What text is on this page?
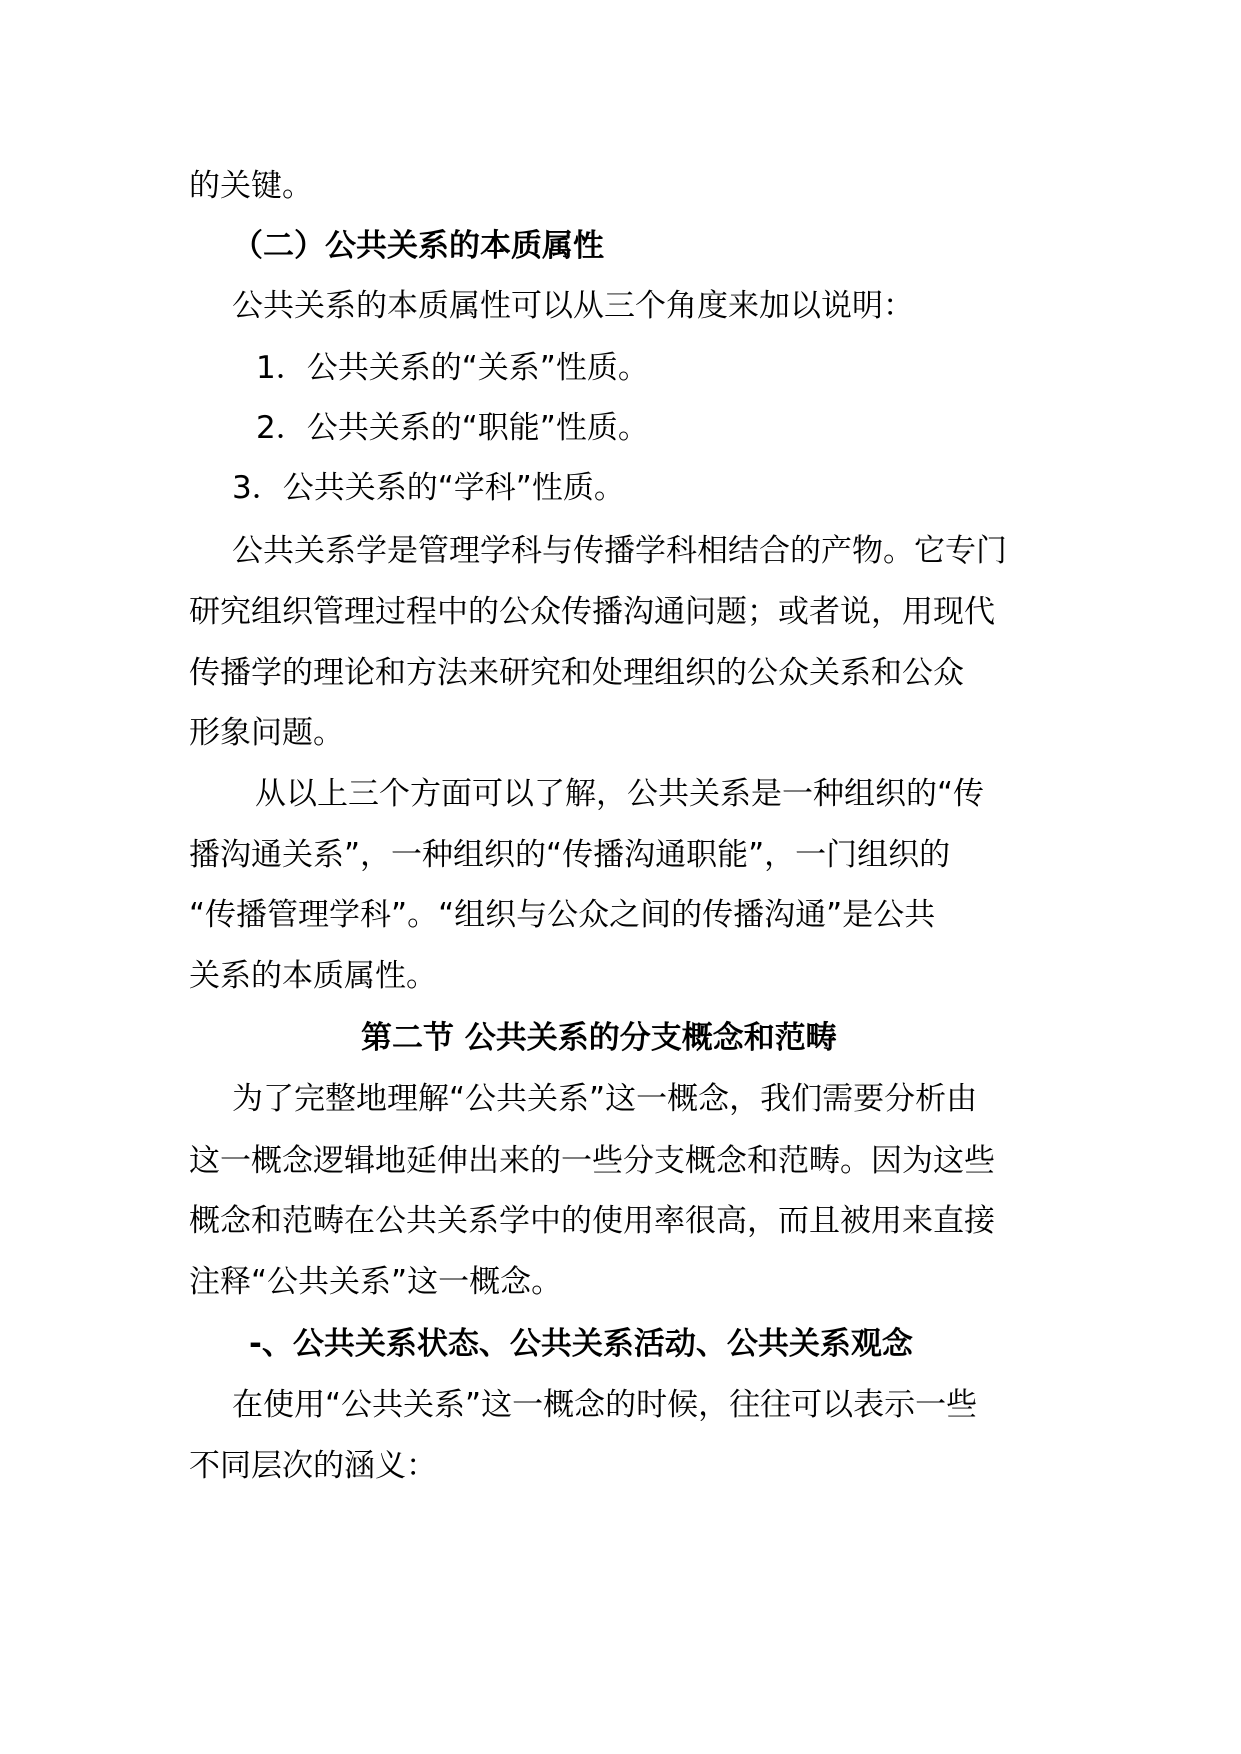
的关键。
（二）公共关系的本质属性
公共关系的本质属性可以从三个角度来加以说明：
1．公共关系的“关系”性质。
2．公共关系的“职能”性质。
3．公共关系的“学科”性质。
公共关系学是管理学科与传播学科相结合的产物。它专门
研究组织管理过程中的公众传播沟通问题；或者说，用现代
传播学的理论和方法来研究和处理组织的公众关系和公众
形象问题。
从以上三个方面可以了解，公共关系是一种组织的“传
播沟通关系”，一种组织的“传播沟通职能”，一门组织的
“传播管理学科”。“组织与公众之间的传播沟通”是公共
关系的本质属性。
第二节 公共关系的分支概念和范畴
为了完整地理解“公共关系”这一概念，我们需要分析由
这一概念逻辑地延伸出来的一些分支概念和范畴。因为这些
概念和范畴在公共关系学中的使用率很高，而且被用来直接
注释“公共关系”这一概念。
-、公共关系状态、公共关系活动、公共关系观念
在使用“公共关系”这一概念的时候，往往可以表示一些
不同层次的涵义：
